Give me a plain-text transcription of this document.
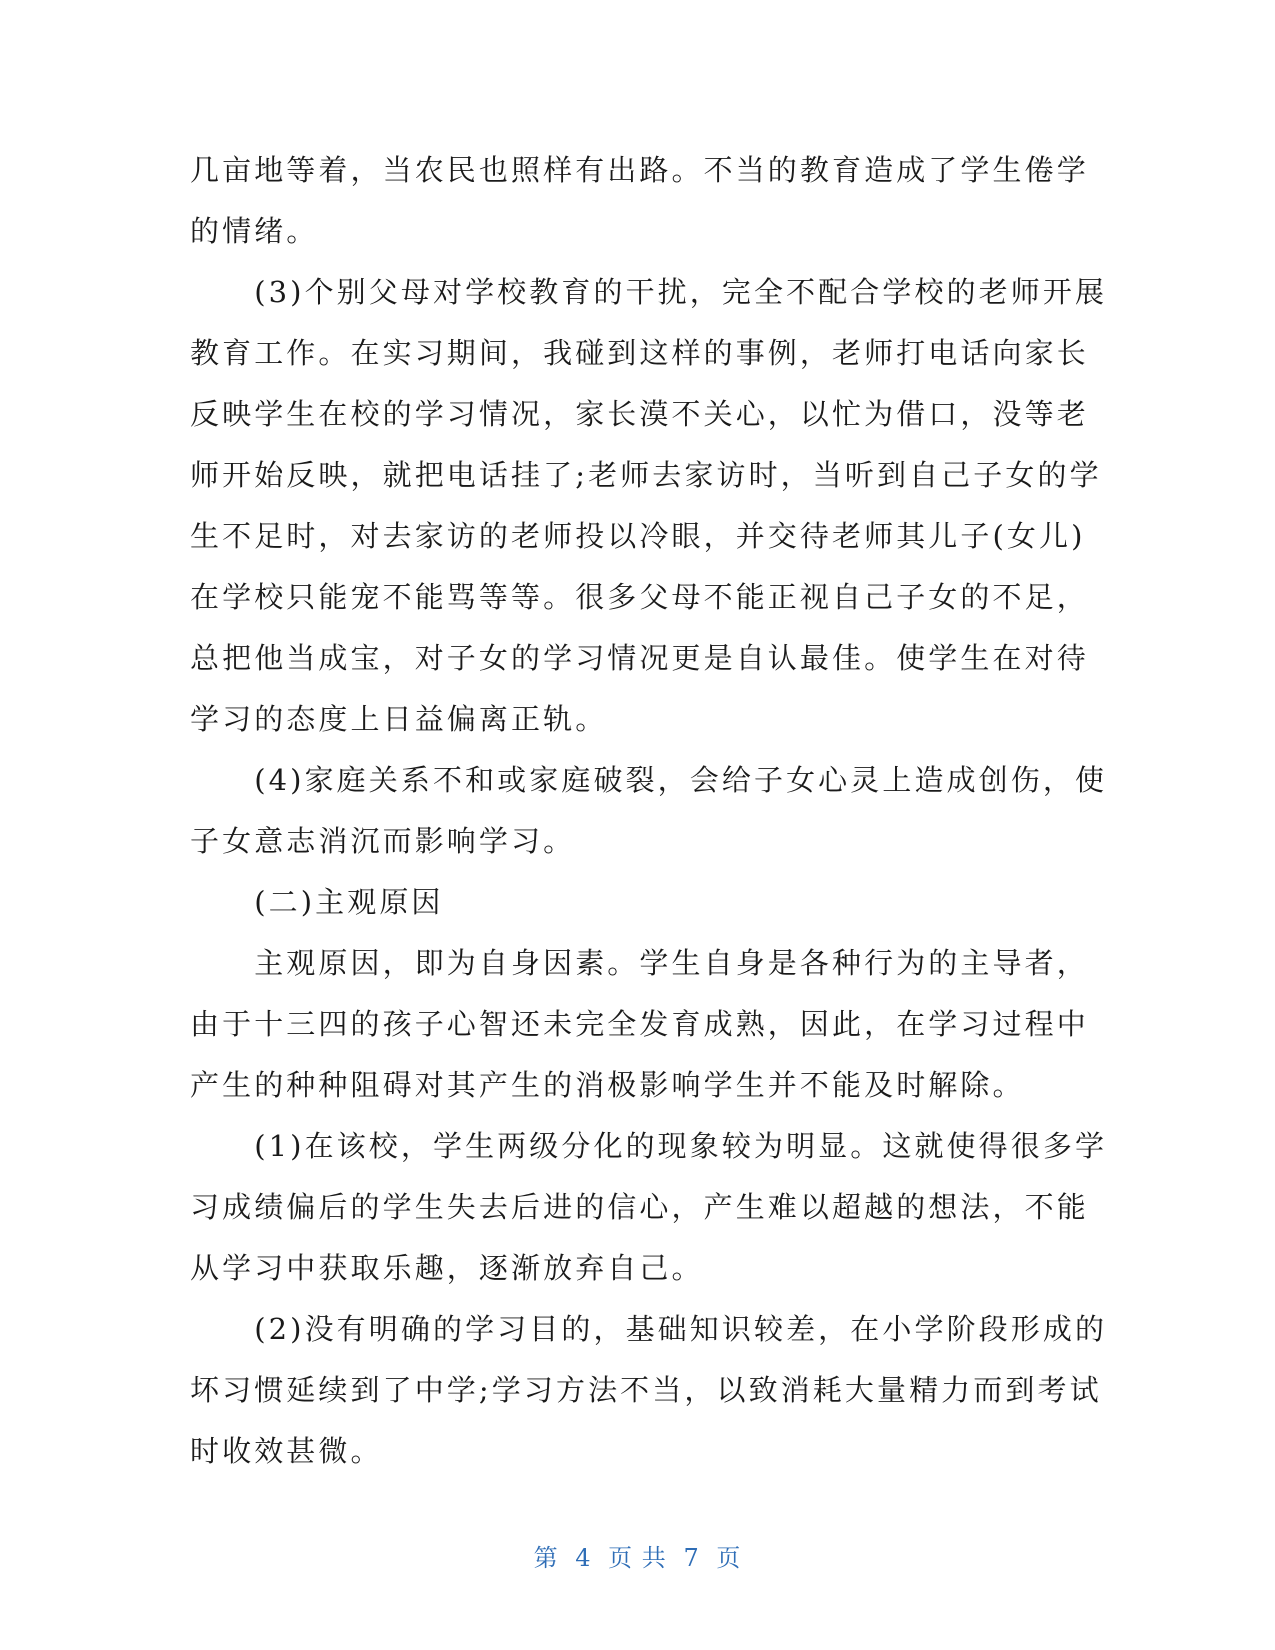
几亩地等着，当农民也照样有出路。不当的教育造成了学生倦学
的情绪。
　　(3)个别父母对学校教育的干扰，完全不配合学校的老师开展
教育工作。在实习期间，我碰到这样的事例，老师打电话向家长
反映学生在校的学习情况，家长漠不关心，以忙为借口，没等老
师开始反映，就把电话挂了;老师去家访时，当听到自己子女的学
生不足时，对去家访的老师投以冷眼，并交待老师其儿子(女儿)
在学校只能宠不能骂等等。很多父母不能正视自己子女的不足，
总把他当成宝，对子女的学习情况更是自认最佳。使学生在对待
学习的态度上日益偏离正轨。
　　(4)家庭关系不和或家庭破裂，会给子女心灵上造成创伤，使
子女意志消沉而影响学习。
　　(二)主观原因
　　主观原因，即为自身因素。学生自身是各种行为的主导者，
由于十三四的孩子心智还未完全发育成熟，因此，在学习过程中
产生的种种阻碍对其产生的消极影响学生并不能及时解除。
　　(1)在该校，学生两级分化的现象较为明显。这就使得很多学
习成绩偏后的学生失去后进的信心，产生难以超越的想法，不能
从学习中获取乐趣，逐渐放弃自己。
　　(2)没有明确的学习目的，基础知识较差，在小学阶段形成的
坏习惯延续到了中学;学习方法不当，以致消耗大量精力而到考试
时收效甚微。
第 4 页 共 7 页
